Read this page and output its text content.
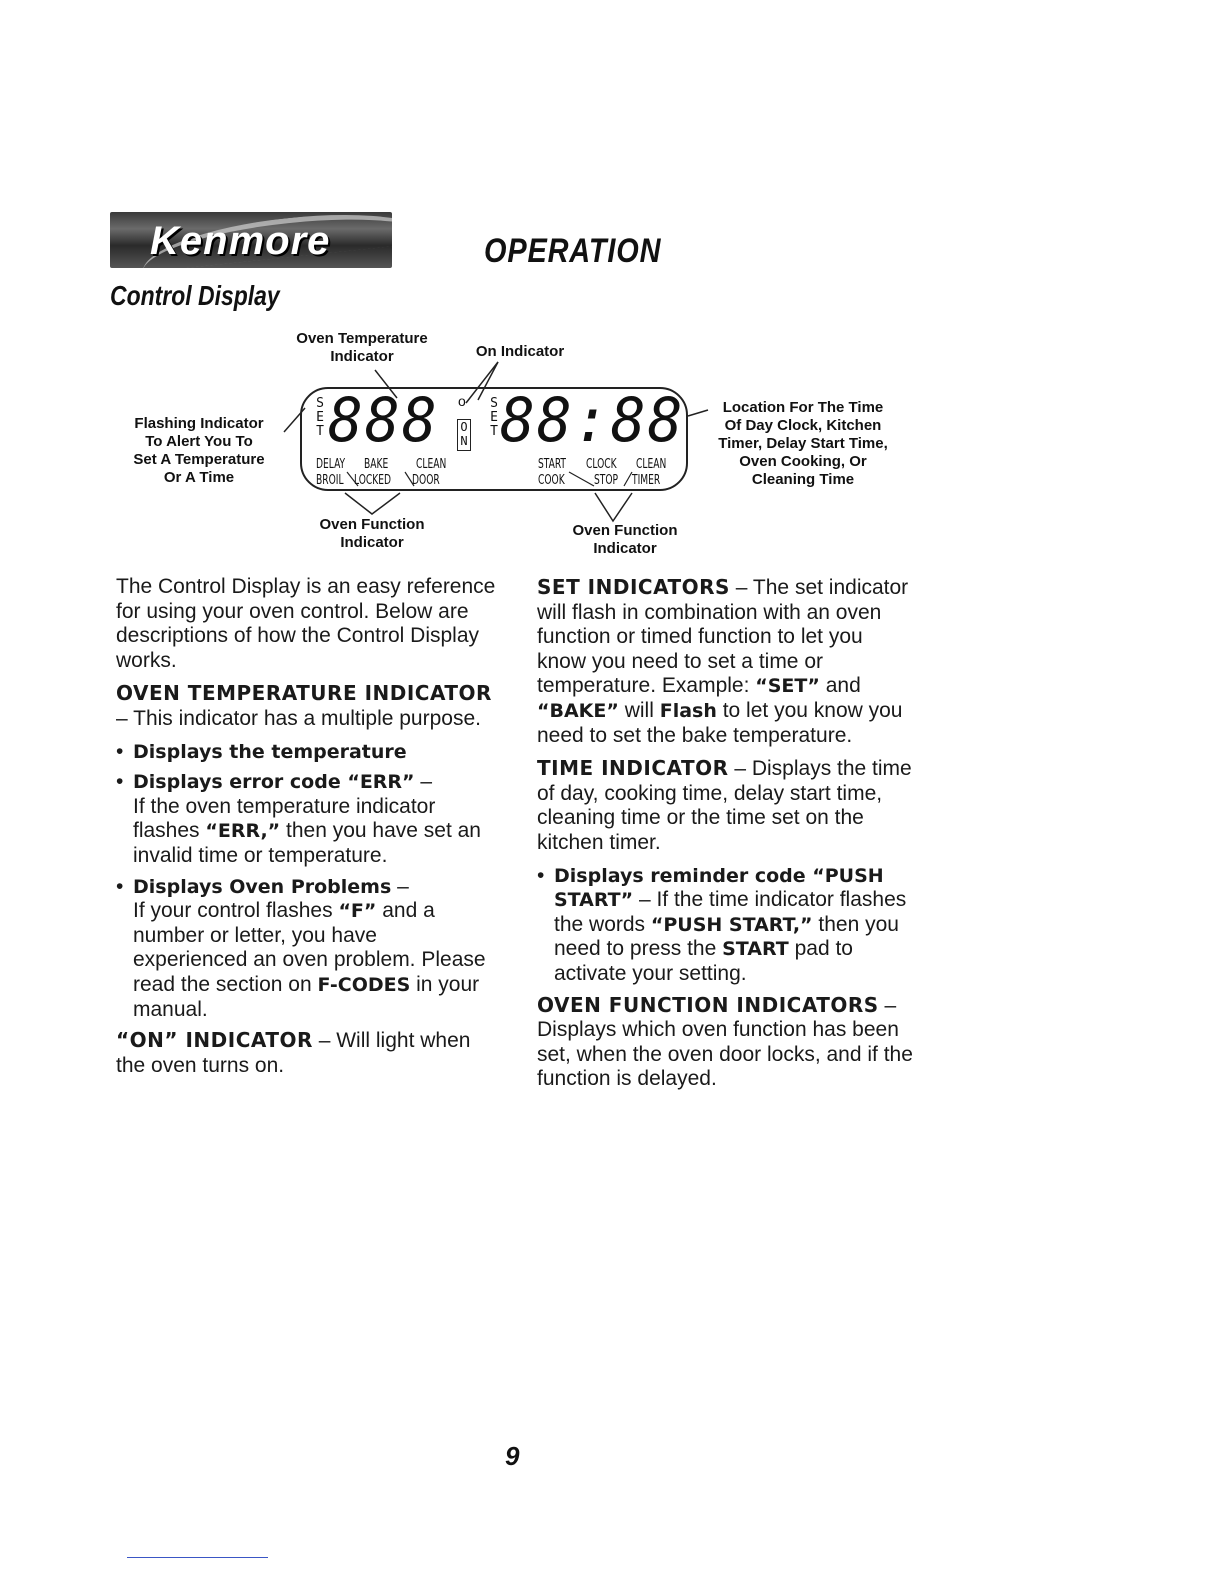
Kenmore	OPERATION
Control Display
Oven Temperature
Indicator	On Indicator
Flashing Indicator
To Alert You To
Set A Temperature
Or A Time
Location For The Time
Of Day Clock, Kitchen
Timer, Delay Start Time,
Oven Cooking, Or
Cleaning Time
Oven Function
Indicator
Oven Function
Indicator
S
E
T 888 o
O
N
S
E
T 88:88
DELAY BAKE CLEAN
BROIL LOCKED DOOR
START CLOCK CLEAN
COOK STOP TIMER

The Control Display is an easy reference for using your oven control. Below are descriptions of how the Control Display works.

OVEN TEMPERATURE INDICATOR – This indicator has a multiple purpose.

• Displays the temperature

• Displays error code “ERR” –
If the oven temperature indicator flashes “ERR,” then you have set an invalid time or temperature.

• Displays Oven Problems –
If your control flashes “F” and a number or letter, you have experienced an oven problem. Please read the section on F-CODES in your manual.

“ON” INDICATOR – Will light when the oven turns on.

SET INDICATORS – The set indicator will flash in combination with an oven function or timed function to let you know you need to set a time or temperature. Example: “SET” and “BAKE” will Flash to let you know you need to set the bake temperature.

TIME INDICATOR – Displays the time of day, cooking time, delay start time, cleaning time or the time set on the kitchen timer.

• Displays reminder code “PUSH START” – If the time indicator flashes the words “PUSH START,” then you need to press the START pad to activate your setting.

OVEN FUNCTION INDICATORS –
Displays which oven function has been set, when the oven door locks, and if the function is delayed.

9
